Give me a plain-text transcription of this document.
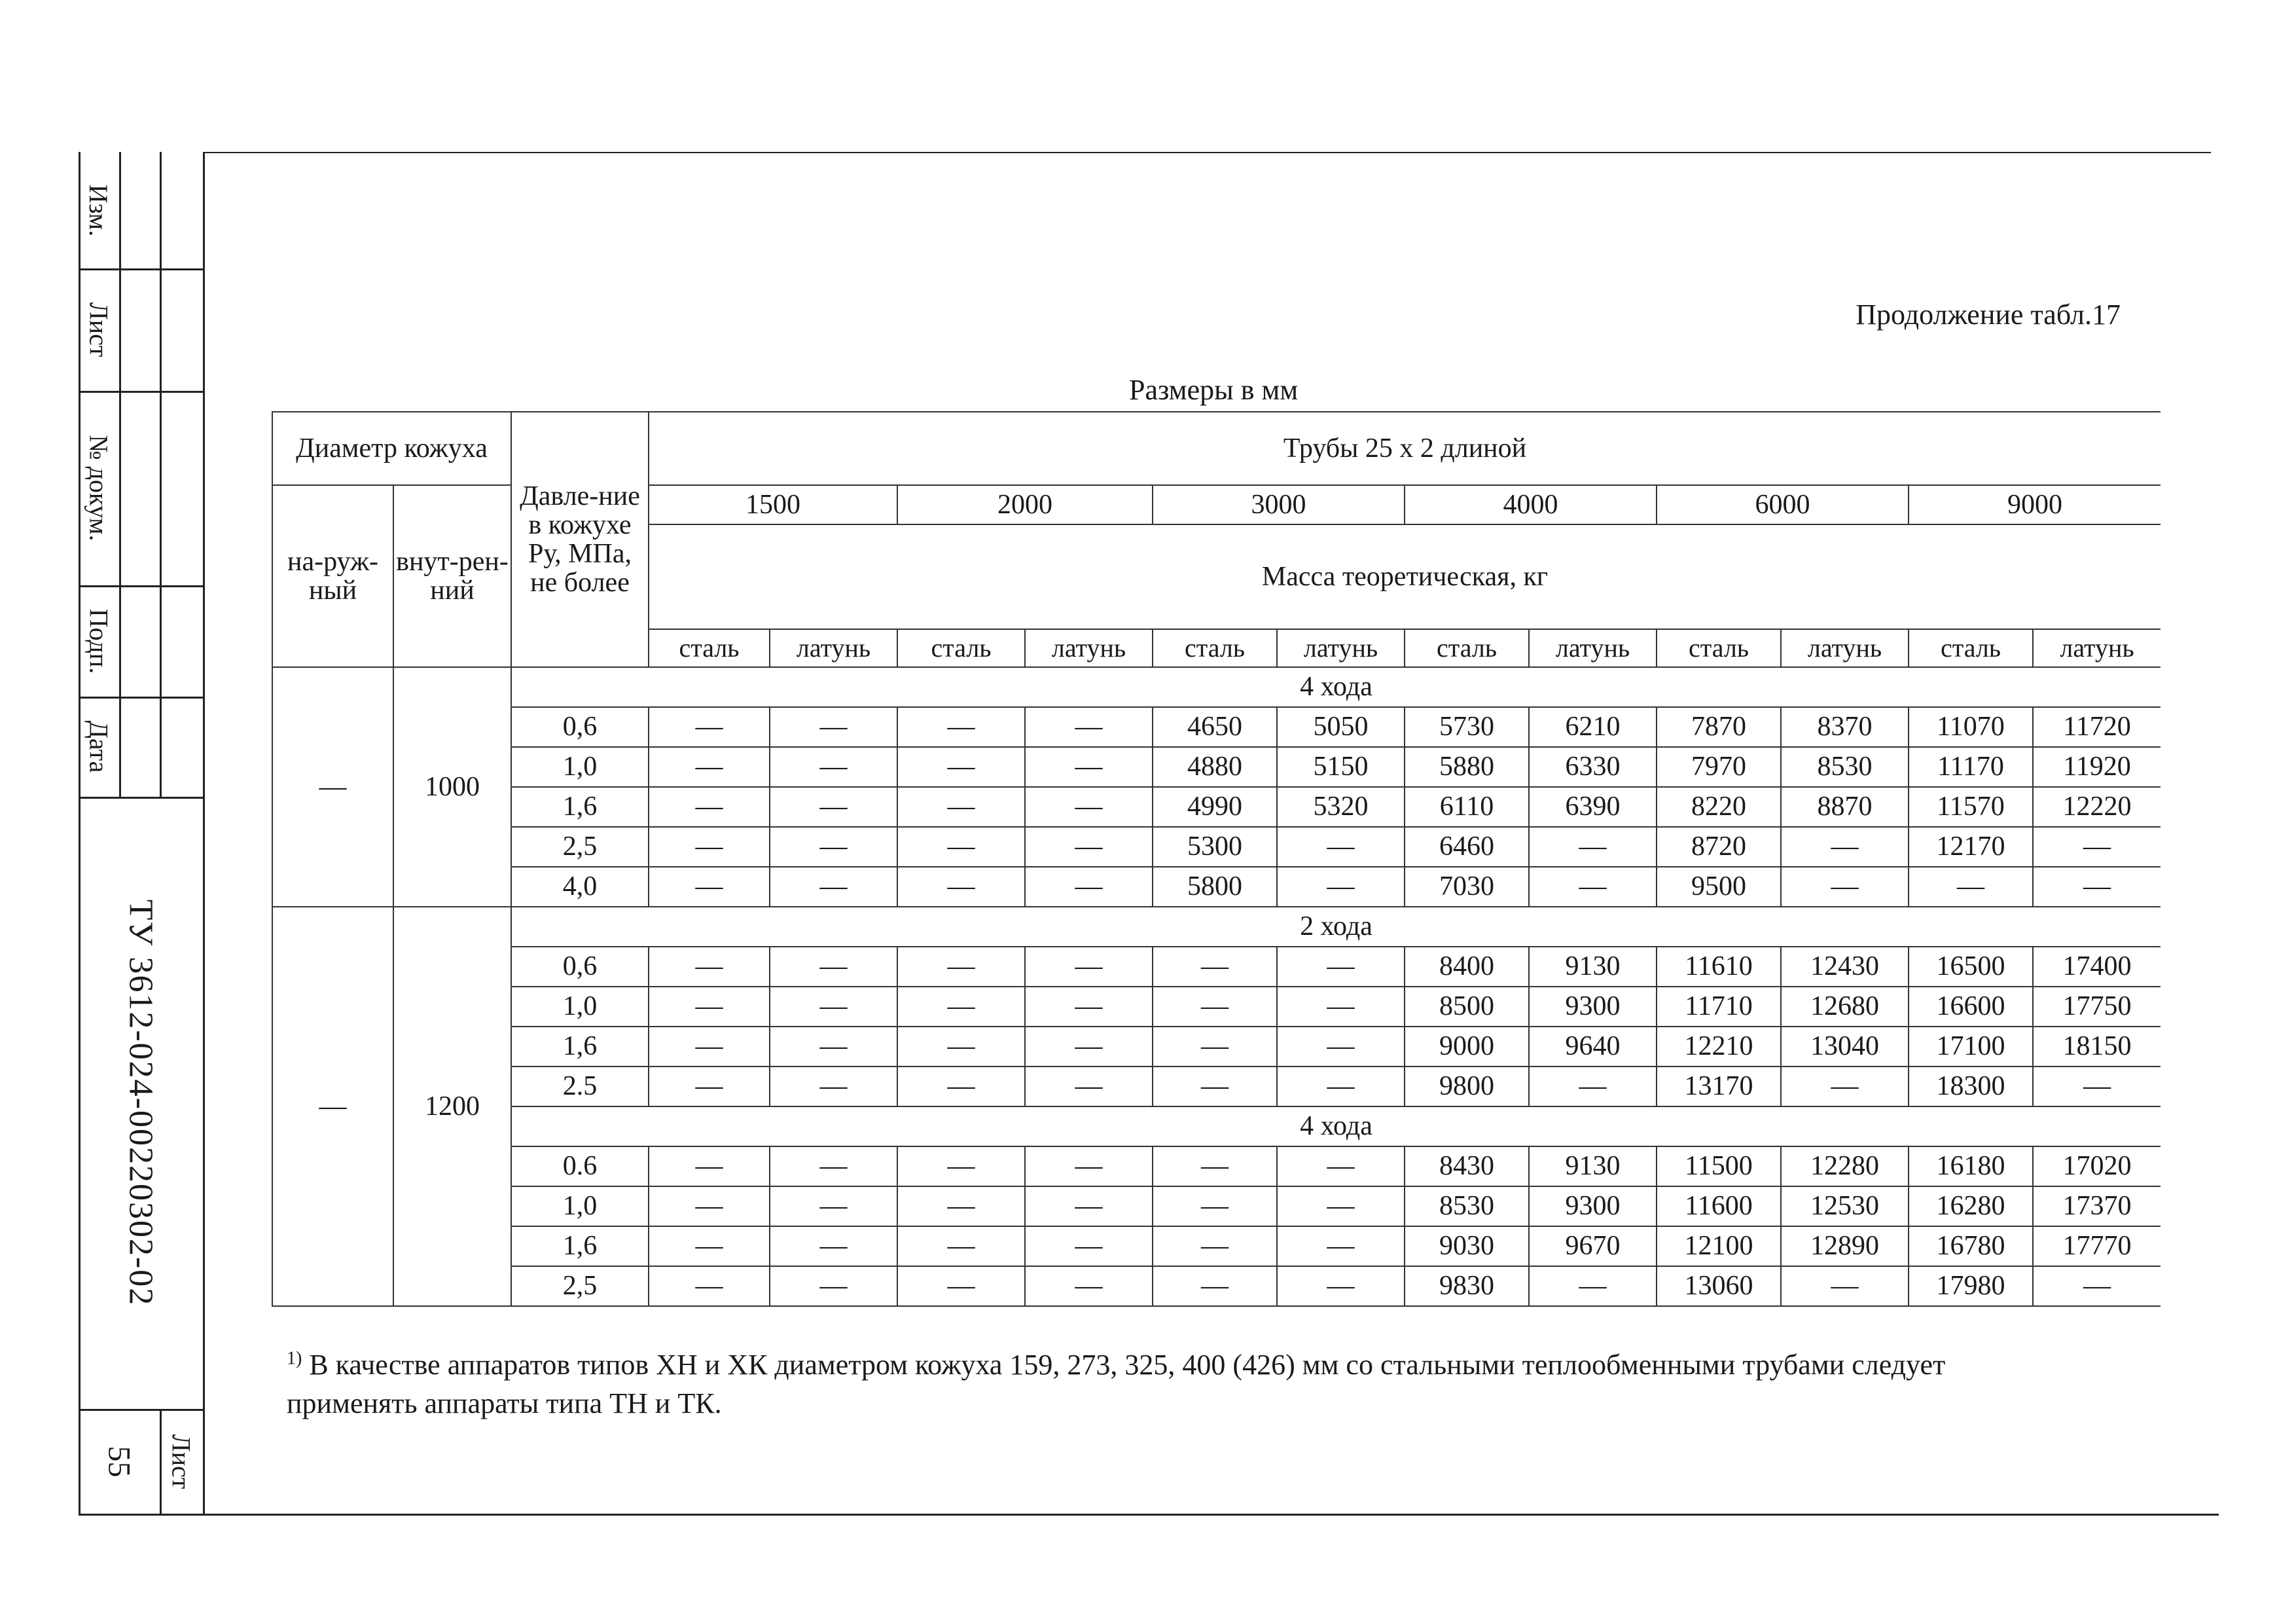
Изм.
Лист
№ докум.
Подп.
Дата
ТУ 3612-024-00220302-02
55 Лист
Продолжение табл.17
Размеры в мм
Диаметр кожуха		Давле-ние в кожухе Ру, МПа, не более	Трубы 25 х 2 длиной											
на-руж-ный	внут-рен-ний		1500		2000		3000		4000		6000		9000	
			Масса теоретическая, кг											
			сталь	латунь	сталь	латунь	сталь	латунь	сталь	латунь	сталь	латунь	сталь	латунь
—	1000	4 хода												
		0,6	—	—	—	—	4650	5050	5730	6210	7870	8370	11070	11720
		1,0	—	—	—	—	4880	5150	5880	6330	7970	8530	11170	11920
		1,6	—	—	—	—	4990	5320	6110	6390	8220	8870	11570	12220
		2,5	—	—	—	—	5300	—	6460	—	8720	—	12170	—
		4,0	—	—	—	—	5800	—	7030	—	9500	—	—	—
—	1200	2 хода												
		0,6	—	—	—	—	—	—	8400	9130	11610	12430	16500	17400
		1,0	—	—	—	—	—	—	8500	9300	11710	12680	16600	17750
		1,6	—	—	—	—	—	—	9000	9640	12210	13040	17100	18150
		2.5	—	—	—	—	—	—	9800	—	13170	—	18300	—
		4 хода												
		0.6	—	—	—	—	—	—	8430	9130	11500	12280	16180	17020
		1,0	—	—	—	—	—	—	8530	9300	11600	12530	16280	17370
		1,6	—	—	—	—	—	—	9030	9670	12100	12890	16780	17770
		2,5	—	—	—	—	—	—	9830	—	13060	—	17980	—
$^{1)}$ В качестве аппаратов типов ХН и ХК диаметром кожуха 159, 273, 325, 400 (426) мм со стальными теплообменными трубами следует применять аппараты типа ТН и ТК.
